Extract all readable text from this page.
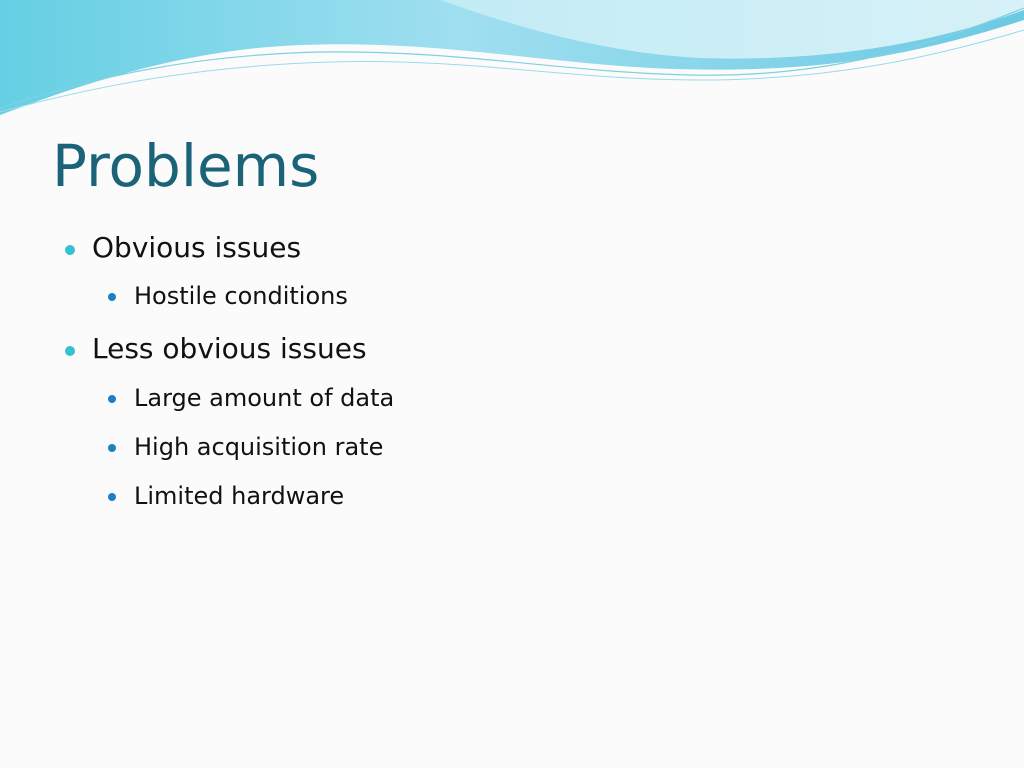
Problems
Obvious issues
Hostile conditions
Less obvious issues
Large amount of data
High acquisition rate
Limited hardware
